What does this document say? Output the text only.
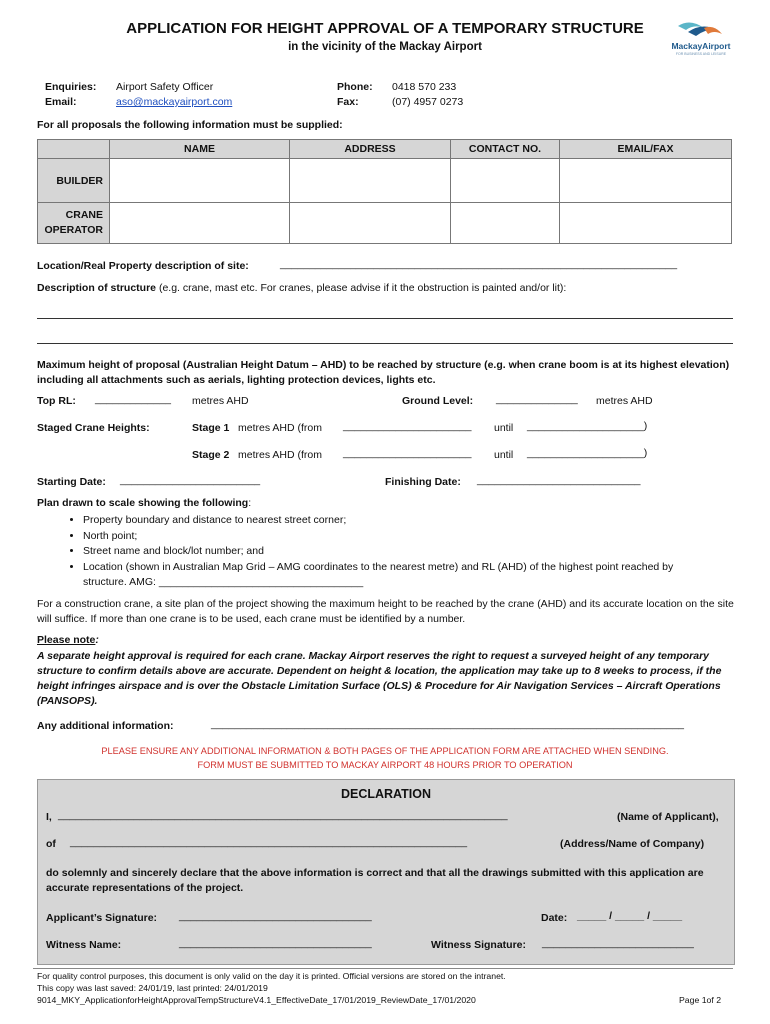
APPLICATION FOR HEIGHT APPROVAL OF A TEMPORARY STRUCTURE
in the vicinity of the Mackay Airport	MackayAirport
FOR BUSINESS AND LEISURE
Enquiries: Airport Safety Officer
Email:	aso@mackayairport.com
Phone: 0418 570 233
Fax:	(07) 4957 0273
For all proposals the following information must be supplied:
	NAME	ADDRESS	CONTACT NO.	EMAIL/FAX
BUILDER				
CRANE OPERATOR				
Location/Real Property description of site:	____________________________________________________________________
Description of structure (e.g. crane, mast etc. For cranes, please advise if it the obstruction is painted and/or lit):
Maximum height of proposal (Australian Height Datum – AHD) to be reached by structure (e.g. when crane boom is at its highest elevation) including all attachments such as aerials, lighting protection devices, lights etc.
Top RL: _____________ metres AHD	Ground Level: ______________ metres AHD
Staged Crane Heights:	Stage 1 metres AHD (from ______________________ until ____________________)
Stage 2 metres AHD (from ______________________ until ____________________)
Starting Date: ________________________	Finishing Date: ____________________________
Plan drawn to scale showing the following:
• Property boundary and distance to nearest street corner;
• North point;
• Street name and block/lot number; and
• Location (shown in Australian Map Grid – AMG coordinates to the nearest metre) and RL (AHD) of the highest point reached by structure. AMG: ___________________________________
For a construction crane, a site plan of the project showing the maximum height to be reached by the crane (AHD) and its accurate location on the site will suffice. If more than one crane is to be used, each crane must be identified by a number.
Please note:
A separate height approval is required for each crane. Mackay Airport reserves the right to request a surveyed height of any temporary structure to confirm details above are accurate. Dependent on height & location, the application may take up to 8 weeks to process, if the height infringes airspace and is over the Obstacle Limitation Surface (OLS) & Procedure for Air Navigation Services – Aircraft Operations (PANSOPS).
Any additional information:	_________________________________________________________________________________
PLEASE ENSURE ANY ADDITIONAL INFORMATION & BOTH PAGES OF THE APPLICATION FORM ARE ATTACHED WHEN SENDING.
FORM MUST BE SUBMITTED TO MACKAY AIRPORT 48 HOURS PRIOR TO OPERATION
DECLARATION
I, _____________________________________________________________________________	(Name of Applicant),
of ____________________________________________________________________	(Address/Name of Company)
do solemnly and sincerely declare that the above information is correct and that all the drawings submitted with this application are accurate representations of the project.
Applicant’s Signature: _________________________________	Date: _____ / _____ / _____
Witness Name:	_________________________________	Witness Signature: __________________________
For quality control purposes, this document is only valid on the day it is printed. Official versions are stored on the intranet.
This copy was last saved: 24/01/19, last printed: 24/01/2019
9014_MKY_ApplicationforHeightApprovalTempStructureV4.1_EffectiveDate_17/01/2019_ReviewDate_17/01/2020	Page 1of 2
